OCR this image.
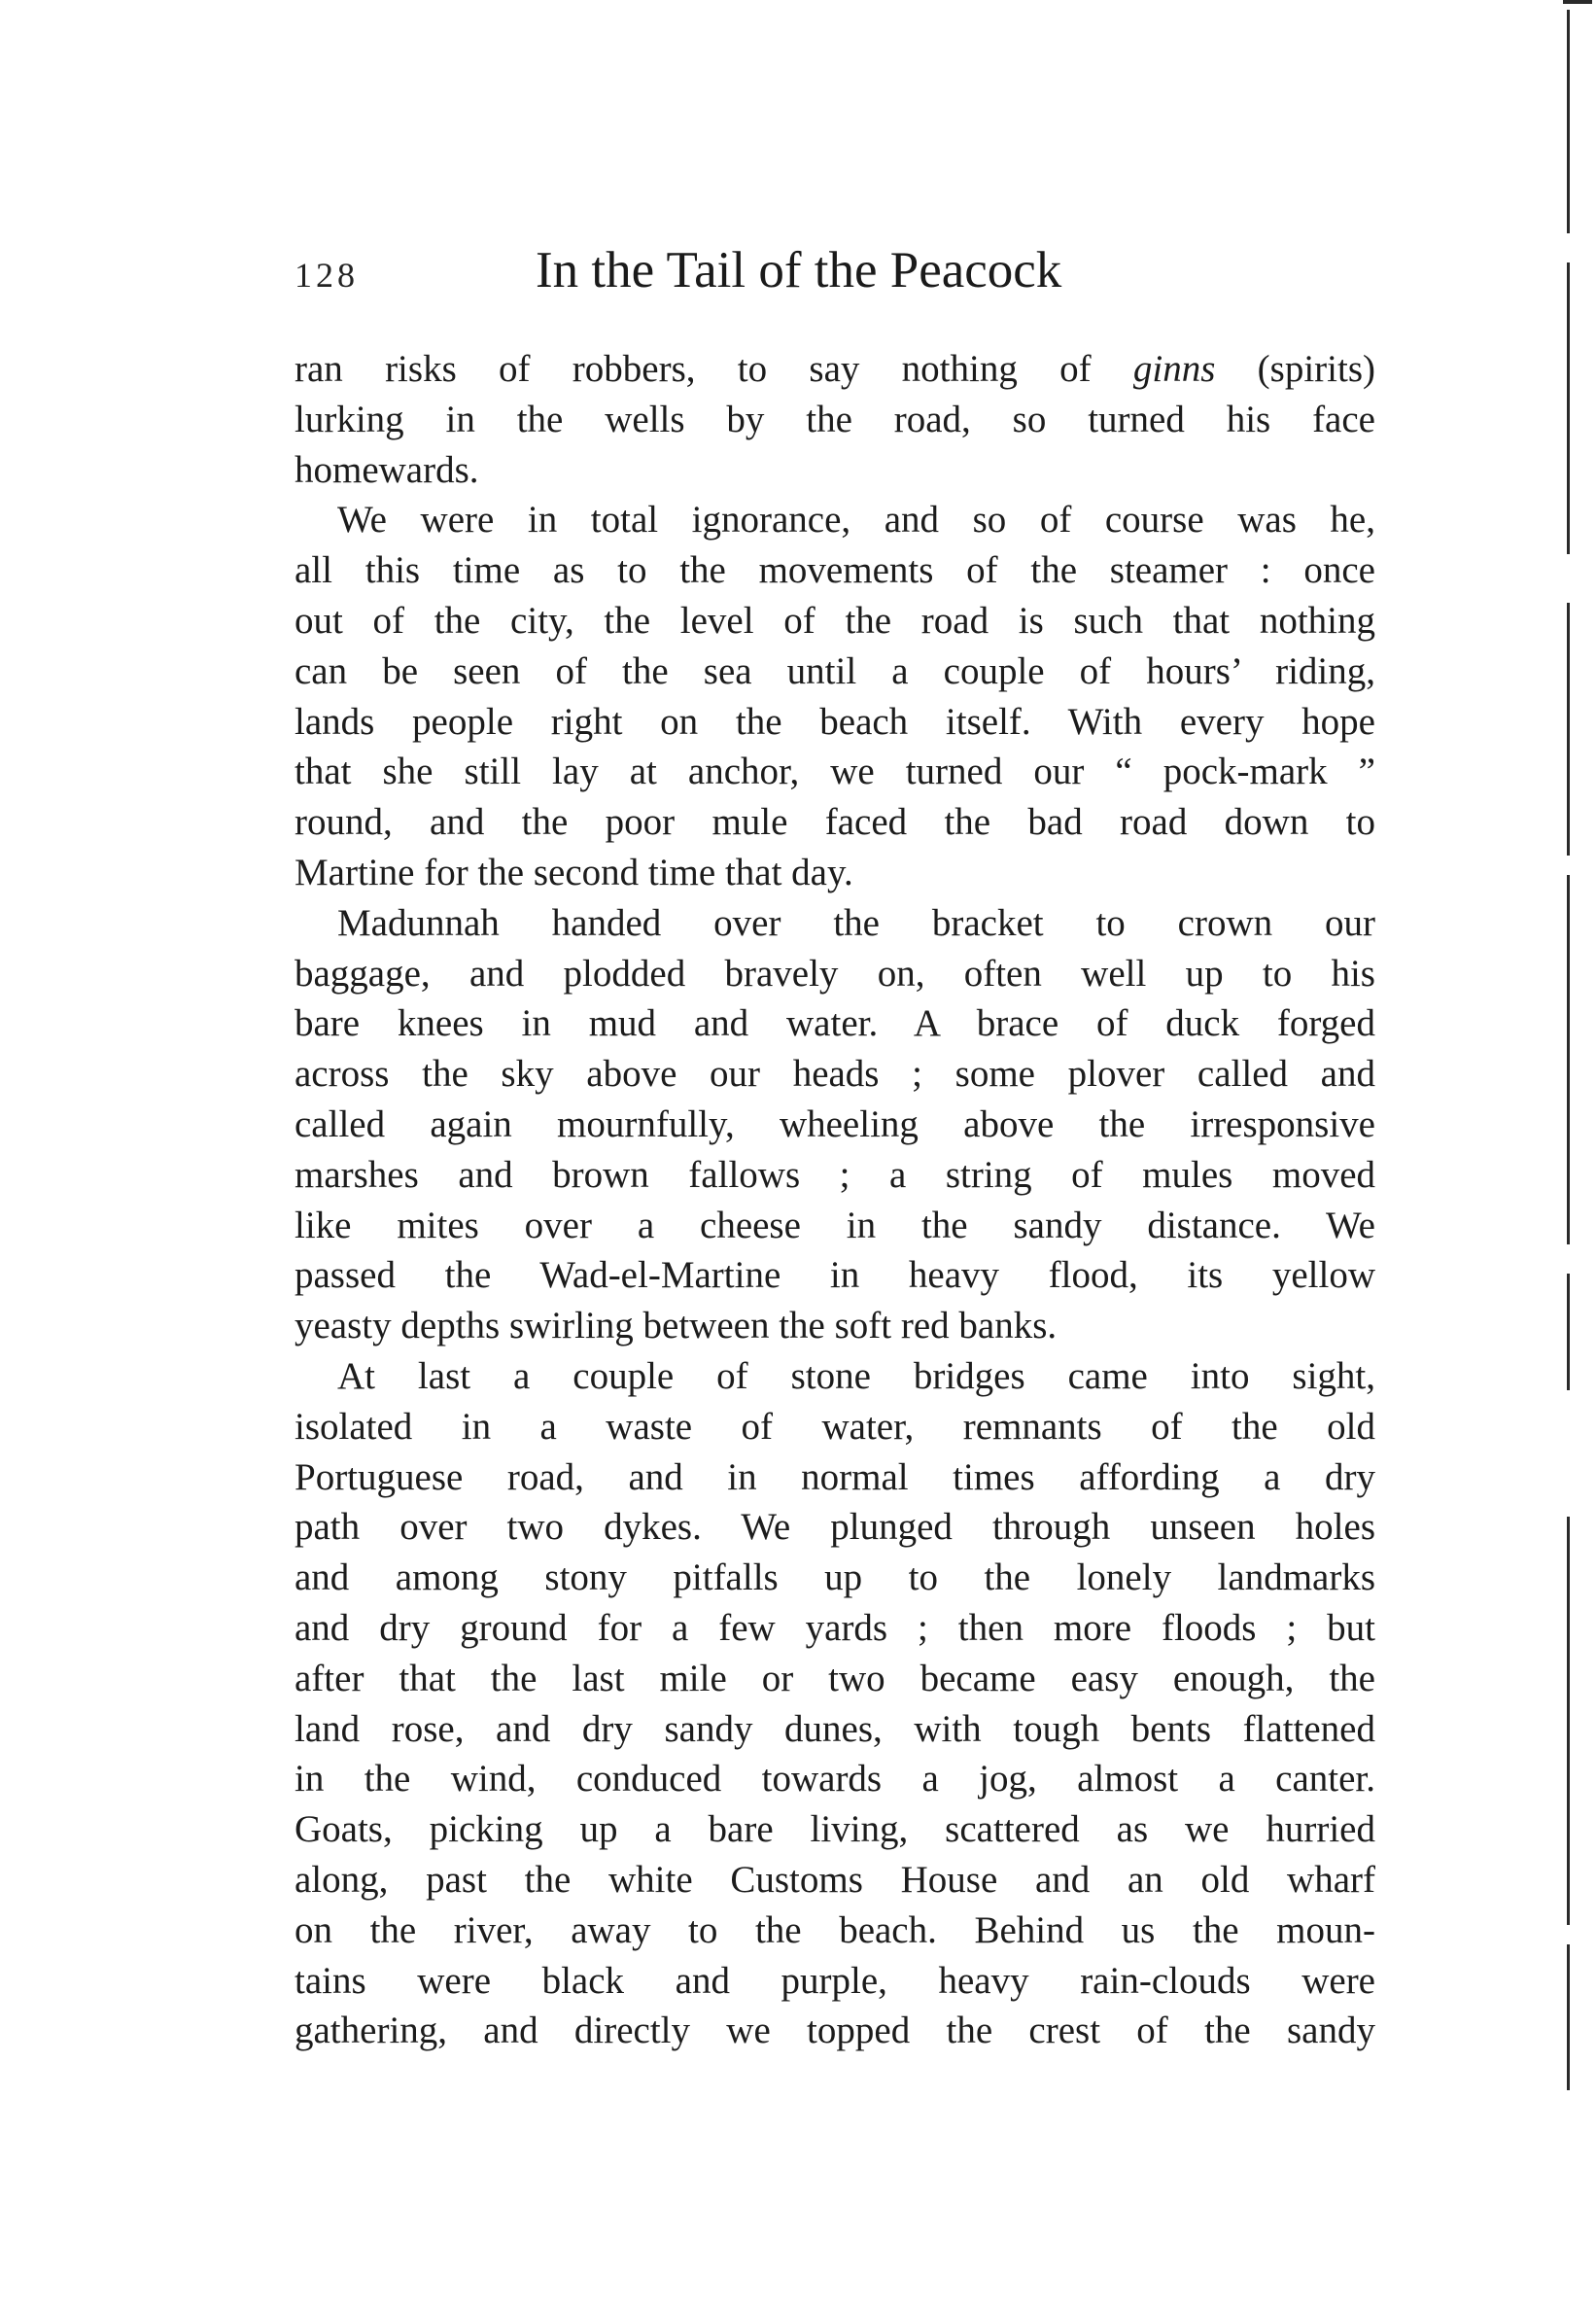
128	In the Tail of the Peacock
ran risks of robbers, to say nothing of ginns (spirits)
lurking in the wells by the road, so turned his face
homewards.
We were in total ignorance, and so of course was he,
all this time as to the movements of the steamer : once
out of the city, the level of the road is such that nothing
can be seen of the sea until a couple of hours’ riding,
lands people right on the beach itself. With every hope
that she still lay at anchor, we turned our “ pock-mark ”
round, and the poor mule faced the bad road down to
Martine for the second time that day.
Madunnah handed over the bracket to crown our
baggage, and plodded bravely on, often well up to his
bare knees in mud and water. A brace of duck forged
across the sky above our heads ; some plover called and
called again mournfully, wheeling above the irresponsive
marshes and brown fallows ; a string of mules moved
like mites over a cheese in the sandy distance. We
passed the Wad-el-Martine in heavy flood, its yellow
yeasty depths swirling between the soft red banks.
At last a couple of stone bridges came into sight,
isolated in a waste of water, remnants of the old
Portuguese road, and in normal times affording a dry
path over two dykes. We plunged through unseen holes
and among stony pitfalls up to the lonely landmarks
and dry ground for a few yards ; then more floods ; but
after that the last mile or two became easy enough, the
land rose, and dry sandy dunes, with tough bents flattened
in the wind, conduced towards a jog, almost a canter.
Goats, picking up a bare living, scattered as we hurried
along, past the white Customs House and an old wharf
on the river, away to the beach. Behind us the moun-
tains were black and purple, heavy rain-clouds were
gathering, and directly we topped the crest of the sandy
